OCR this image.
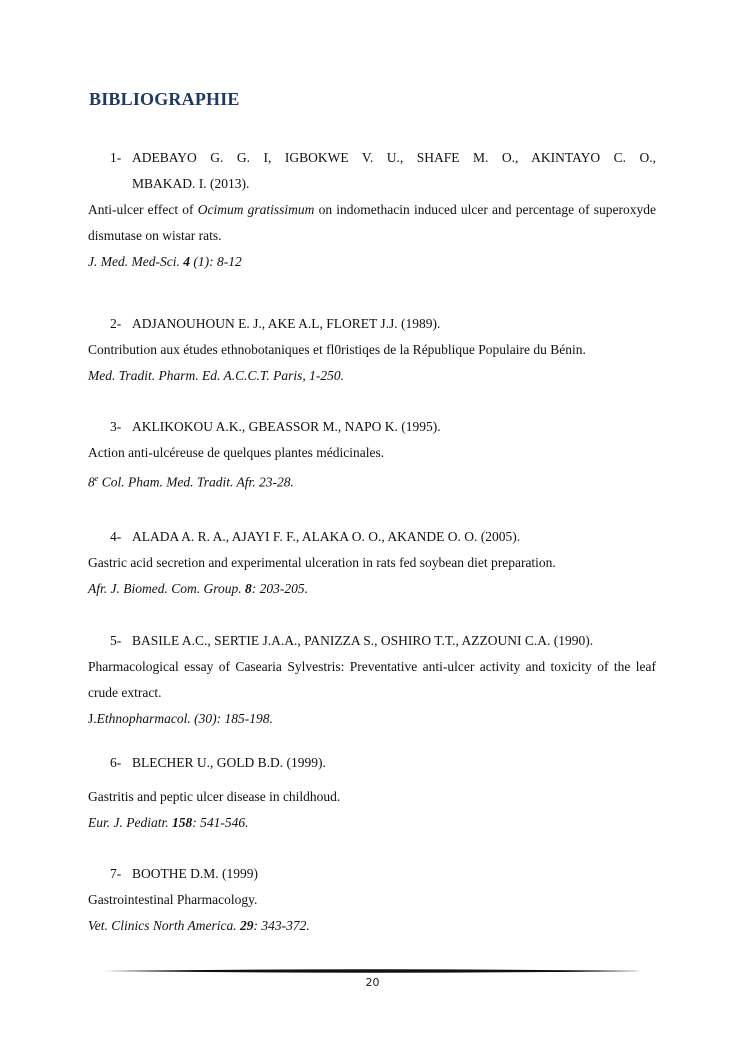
BIBLIOGRAPHIE
1- ADEBAYO G. G. I, IGBOKWE V. U., SHAFE M. O., AKINTAYO C. O.,
MBAKAD. I. (2013).
Anti-ulcer effect of Ocimum gratissimum on indomethacin induced ulcer and percentage of superoxyde dismutase on wistar rats.
J. Med. Med-Sci. 4 (1): 8-12
2- ADJANOUHOUN E. J., AKE A.L, FLORET J.J. (1989).
Contribution aux études ethnobotaniques et fl0ristiqes de la République Populaire du Bénin.
Med. Tradit. Pharm. Ed. A.C.C.T. Paris, 1-250.
3- AKLIKOKOU A.K., GBEASSOR M., NAPO K. (1995).
Action anti-ulcéreuse de quelques plantes médicinales.
8e Col. Pham. Med. Tradit. Afr. 23-28.
4- ALADA A. R. A., AJAYI F. F., ALAKA O. O., AKANDE O. O. (2005).
Gastric acid secretion and experimental ulceration in rats fed soybean diet preparation.
Afr. J. Biomed. Com. Group. 8: 203-205.
5- BASILE A.C., SERTIE J.A.A., PANIZZA S., OSHIRO T.T., AZZOUNI C.A. (1990).
Pharmacological essay of Casearia Sylvestris: Preventative anti-ulcer activity and toxicity of the leaf crude extract.
J.Ethnopharmacol. (30): 185-198.
6- BLECHER U., GOLD B.D. (1999).
Gastritis and peptic ulcer disease in childhoud.
Eur. J. Pediatr. 158: 541-546.
7- BOOTHE D.M. (1999)
Gastrointestinal Pharmacology.
Vet. Clinics North America. 29: 343-372.
20
